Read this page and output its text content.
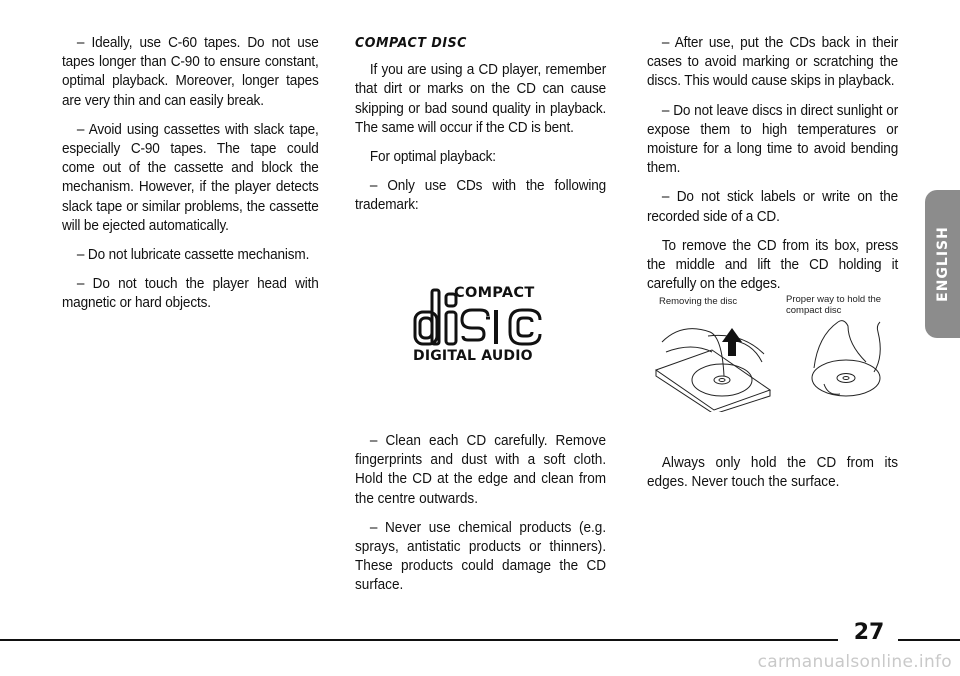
– Ideally, use C-60 tapes. Do not use tapes longer than C-90 to ensure constant, optimal playback. Moreover, longer tapes are very thin and can easily break.

– Avoid using cassettes with slack tape, especially C-90 tapes. The tape could come out of the cassette and block the mechanism. However, if the player detects slack tape or similar problems, the cassette will be ejected automatically.

– Do not lubricate cassette mechanism.

– Do not touch the player head with magnetic or hard objects.

COMPACT DISC

If you are using a CD player, remember that dirt or marks on the CD can cause skipping or bad sound quality in playback. The same will occur if the CD is bent.

For optimal playback:

– Only use CDs with the following trademark:

COMPACT
DIGITAL AUDIO

– Clean each CD carefully. Remove fingerprints and dust with a soft cloth. Hold the CD at the edge and clean from the centre outwards.

– Never use chemical products (e.g. sprays, antistatic products or thinners). These products could damage the CD surface.

– After use, put the CDs back in their cases to avoid marking or scratching the discs. This would cause skips in playback.

– Do not leave discs in direct sunlight or expose them to high temperatures or moisture for a long time to avoid bending them.

– Do not stick labels or write on the recorded side of a CD.

To remove the CD from its box, press the middle and lift the CD holding it carefully on the edges.

Removing the disc	Proper way to hold the compact disc

Always only hold the CD from its edges. Never touch the surface.

ENGLISH
27
carmanualsonline.info
